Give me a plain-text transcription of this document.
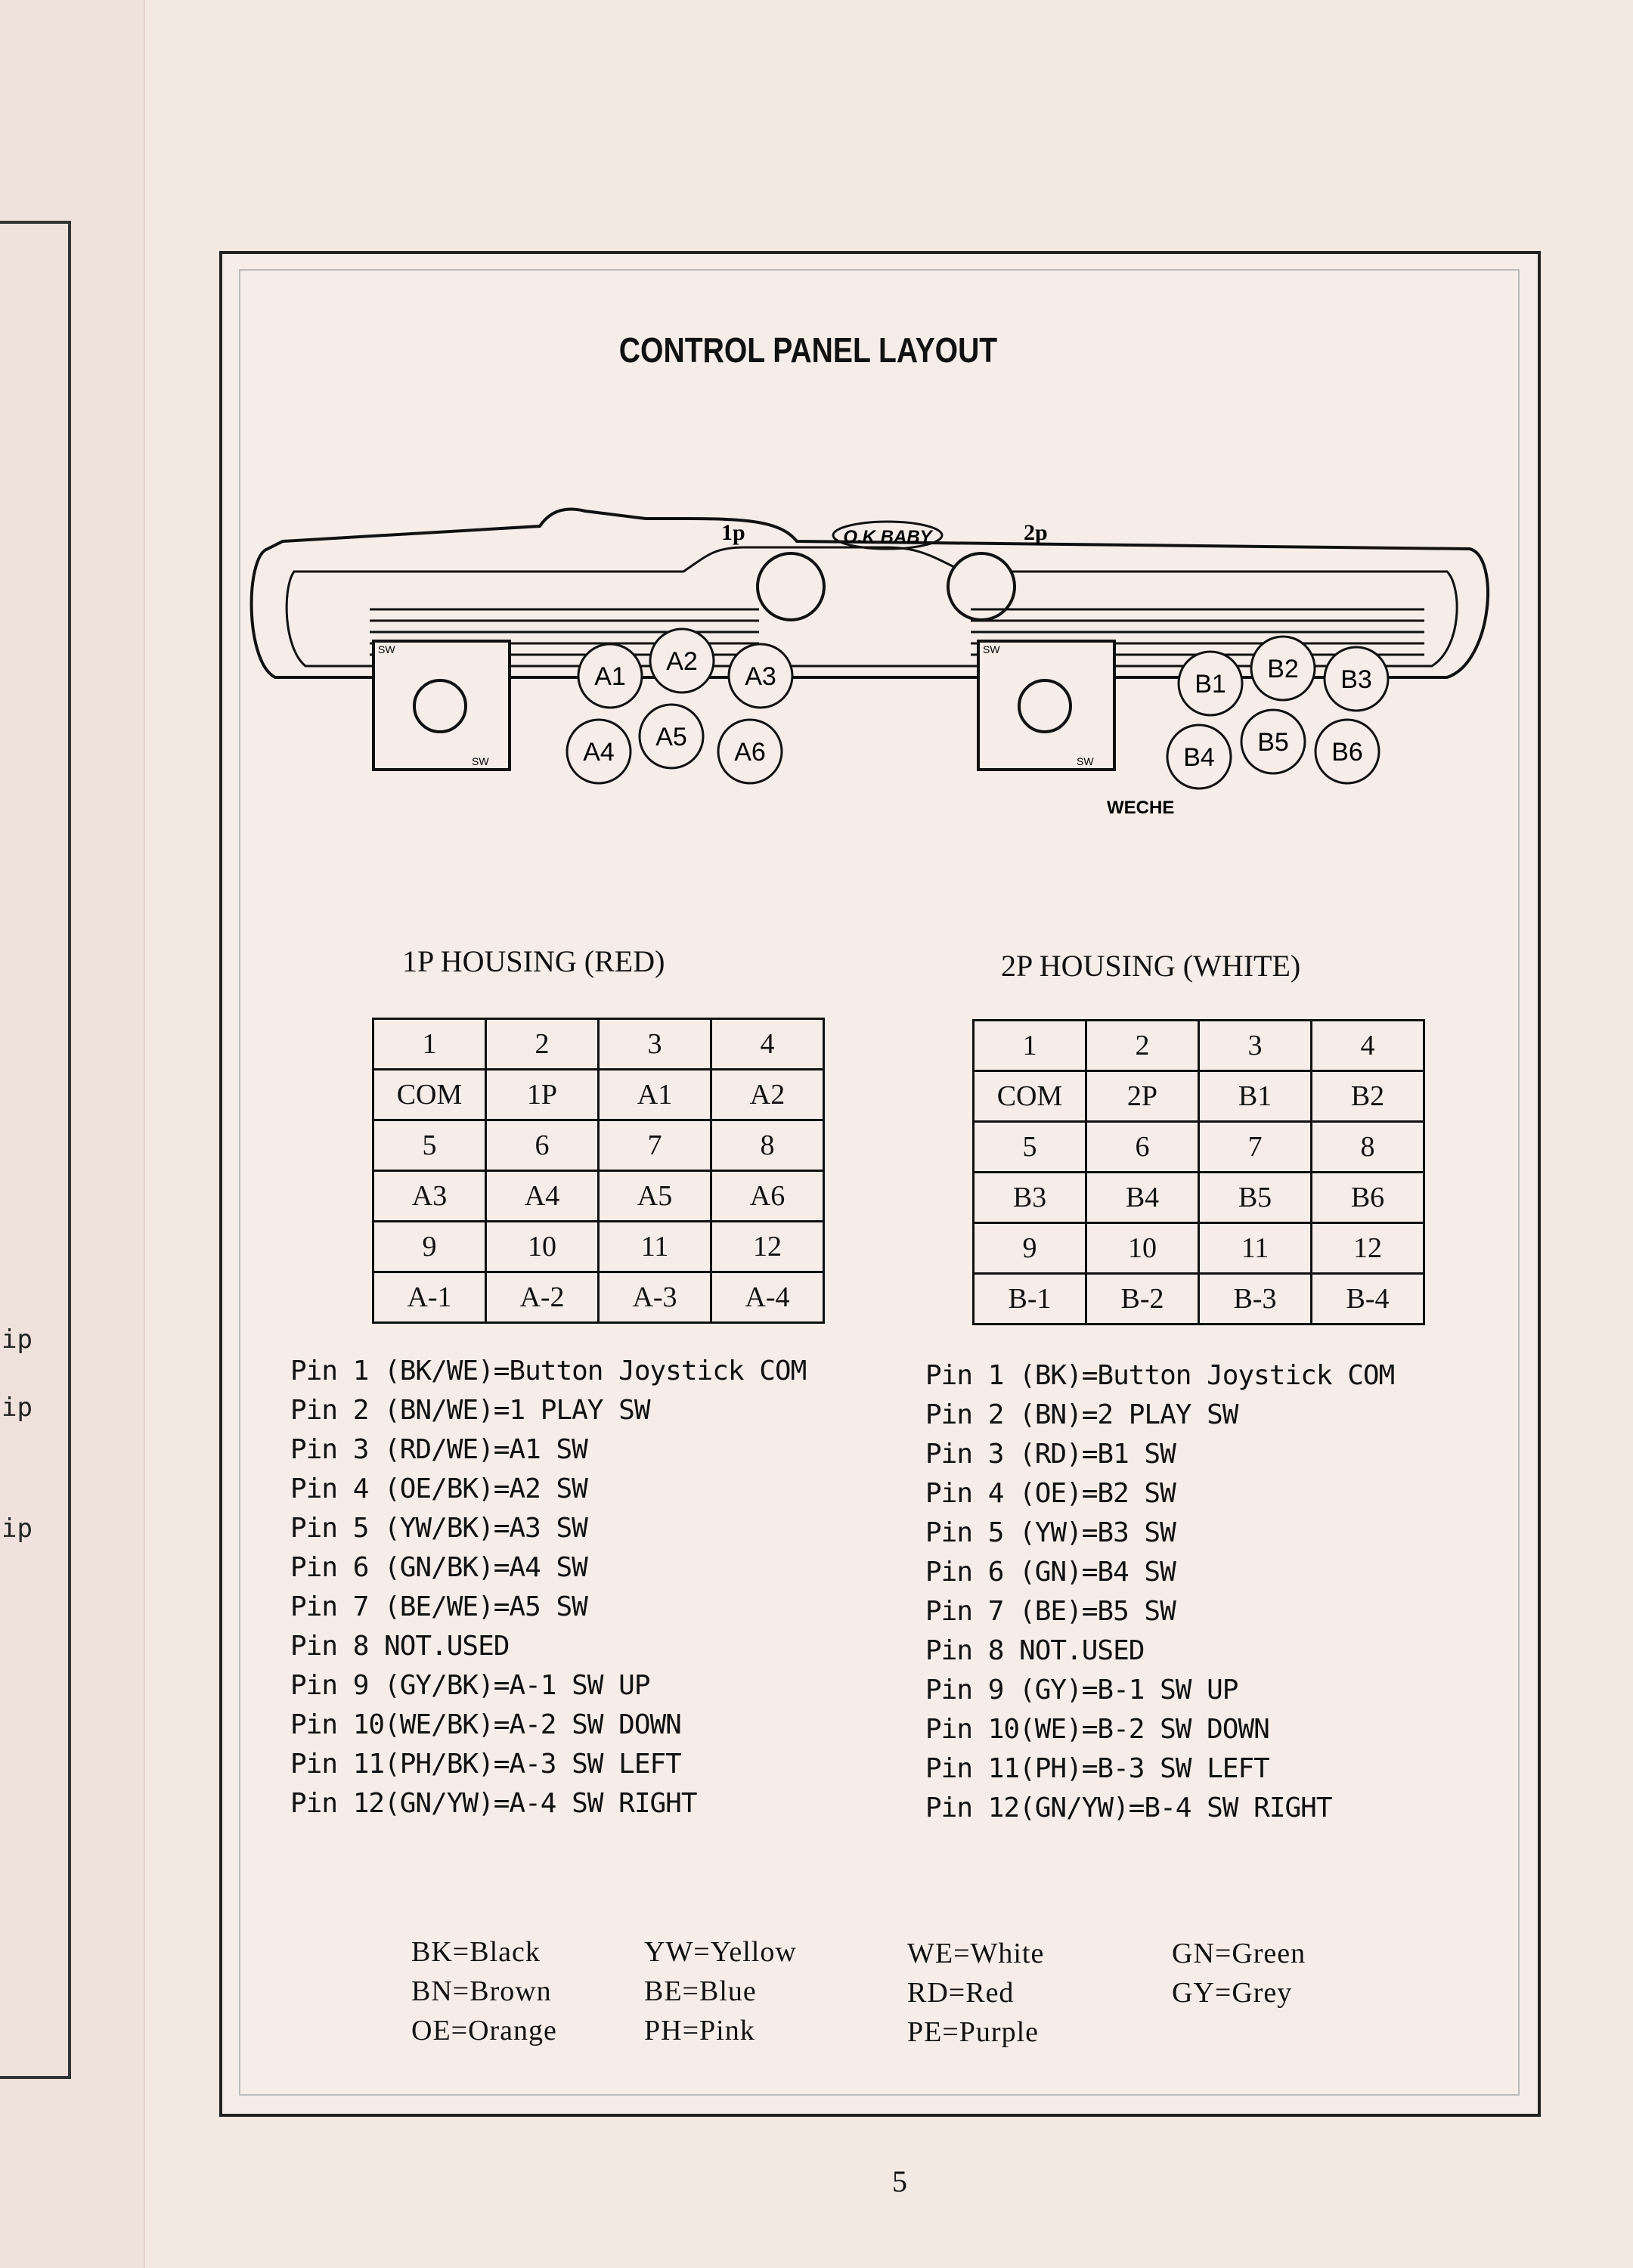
ip
ip
ip
CONTROL PANEL LAYOUT
1p	2p
O.K BABY
SW
SW
SW
SW
WECHE
A1
A2
A3
A4
A5
A6
B1
B2 B3
B4
B5 B6
1P HOUSING (RED)	2P HOUSING (WHITE)
1	2	3	4
COM	1P	A1	A2
5	6	7	8
A3	A4	A5	A6
9	10	11	12
A-1	A-2	A-3	A-4
1	2	3	4
COM	2P	B1	B2
5	6	7	8
B3	B4	B5	B6
9	10	11	12
B-1	B-2	B-3	B-4
Pin 1 (BK/WE)=Button Joystick COM
Pin 2 (BN/WE)=1 PLAY SW
Pin 3 (RD/WE)=A1 SW
Pin 4 (OE/BK)=A2 SW
Pin 5 (YW/BK)=A3 SW
Pin 6 (GN/BK)=A4 SW
Pin 7 (BE/WE)=A5 SW
Pin 8 NOT.USED
Pin 9 (GY/BK)=A-1 SW UP
Pin 10(WE/BK)=A-2 SW DOWN
Pin 11(PH/BK)=A-3 SW LEFT
Pin 12(GN/YW)=A-4 SW RIGHT
Pin 1 (BK)=Button Joystick COM
Pin 2 (BN)=2 PLAY SW
Pin 3 (RD)=B1 SW
Pin 4 (OE)=B2 SW
Pin 5 (YW)=B3 SW
Pin 6 (GN)=B4 SW
Pin 7 (BE)=B5 SW
Pin 8 NOT.USED
Pin 9 (GY)=B-1 SW UP
Pin 10(WE)=B-2 SW DOWN
Pin 11(PH)=B-3 SW LEFT
Pin 12(GN/YW)=B-4 SW RIGHT
BK=Black
BN=Brown
OE=Orange
YW=Yellow
BE=Blue
PH=Pink
WE=White
RD=Red
PE=Purple
GN=Green
GY=Grey
5
